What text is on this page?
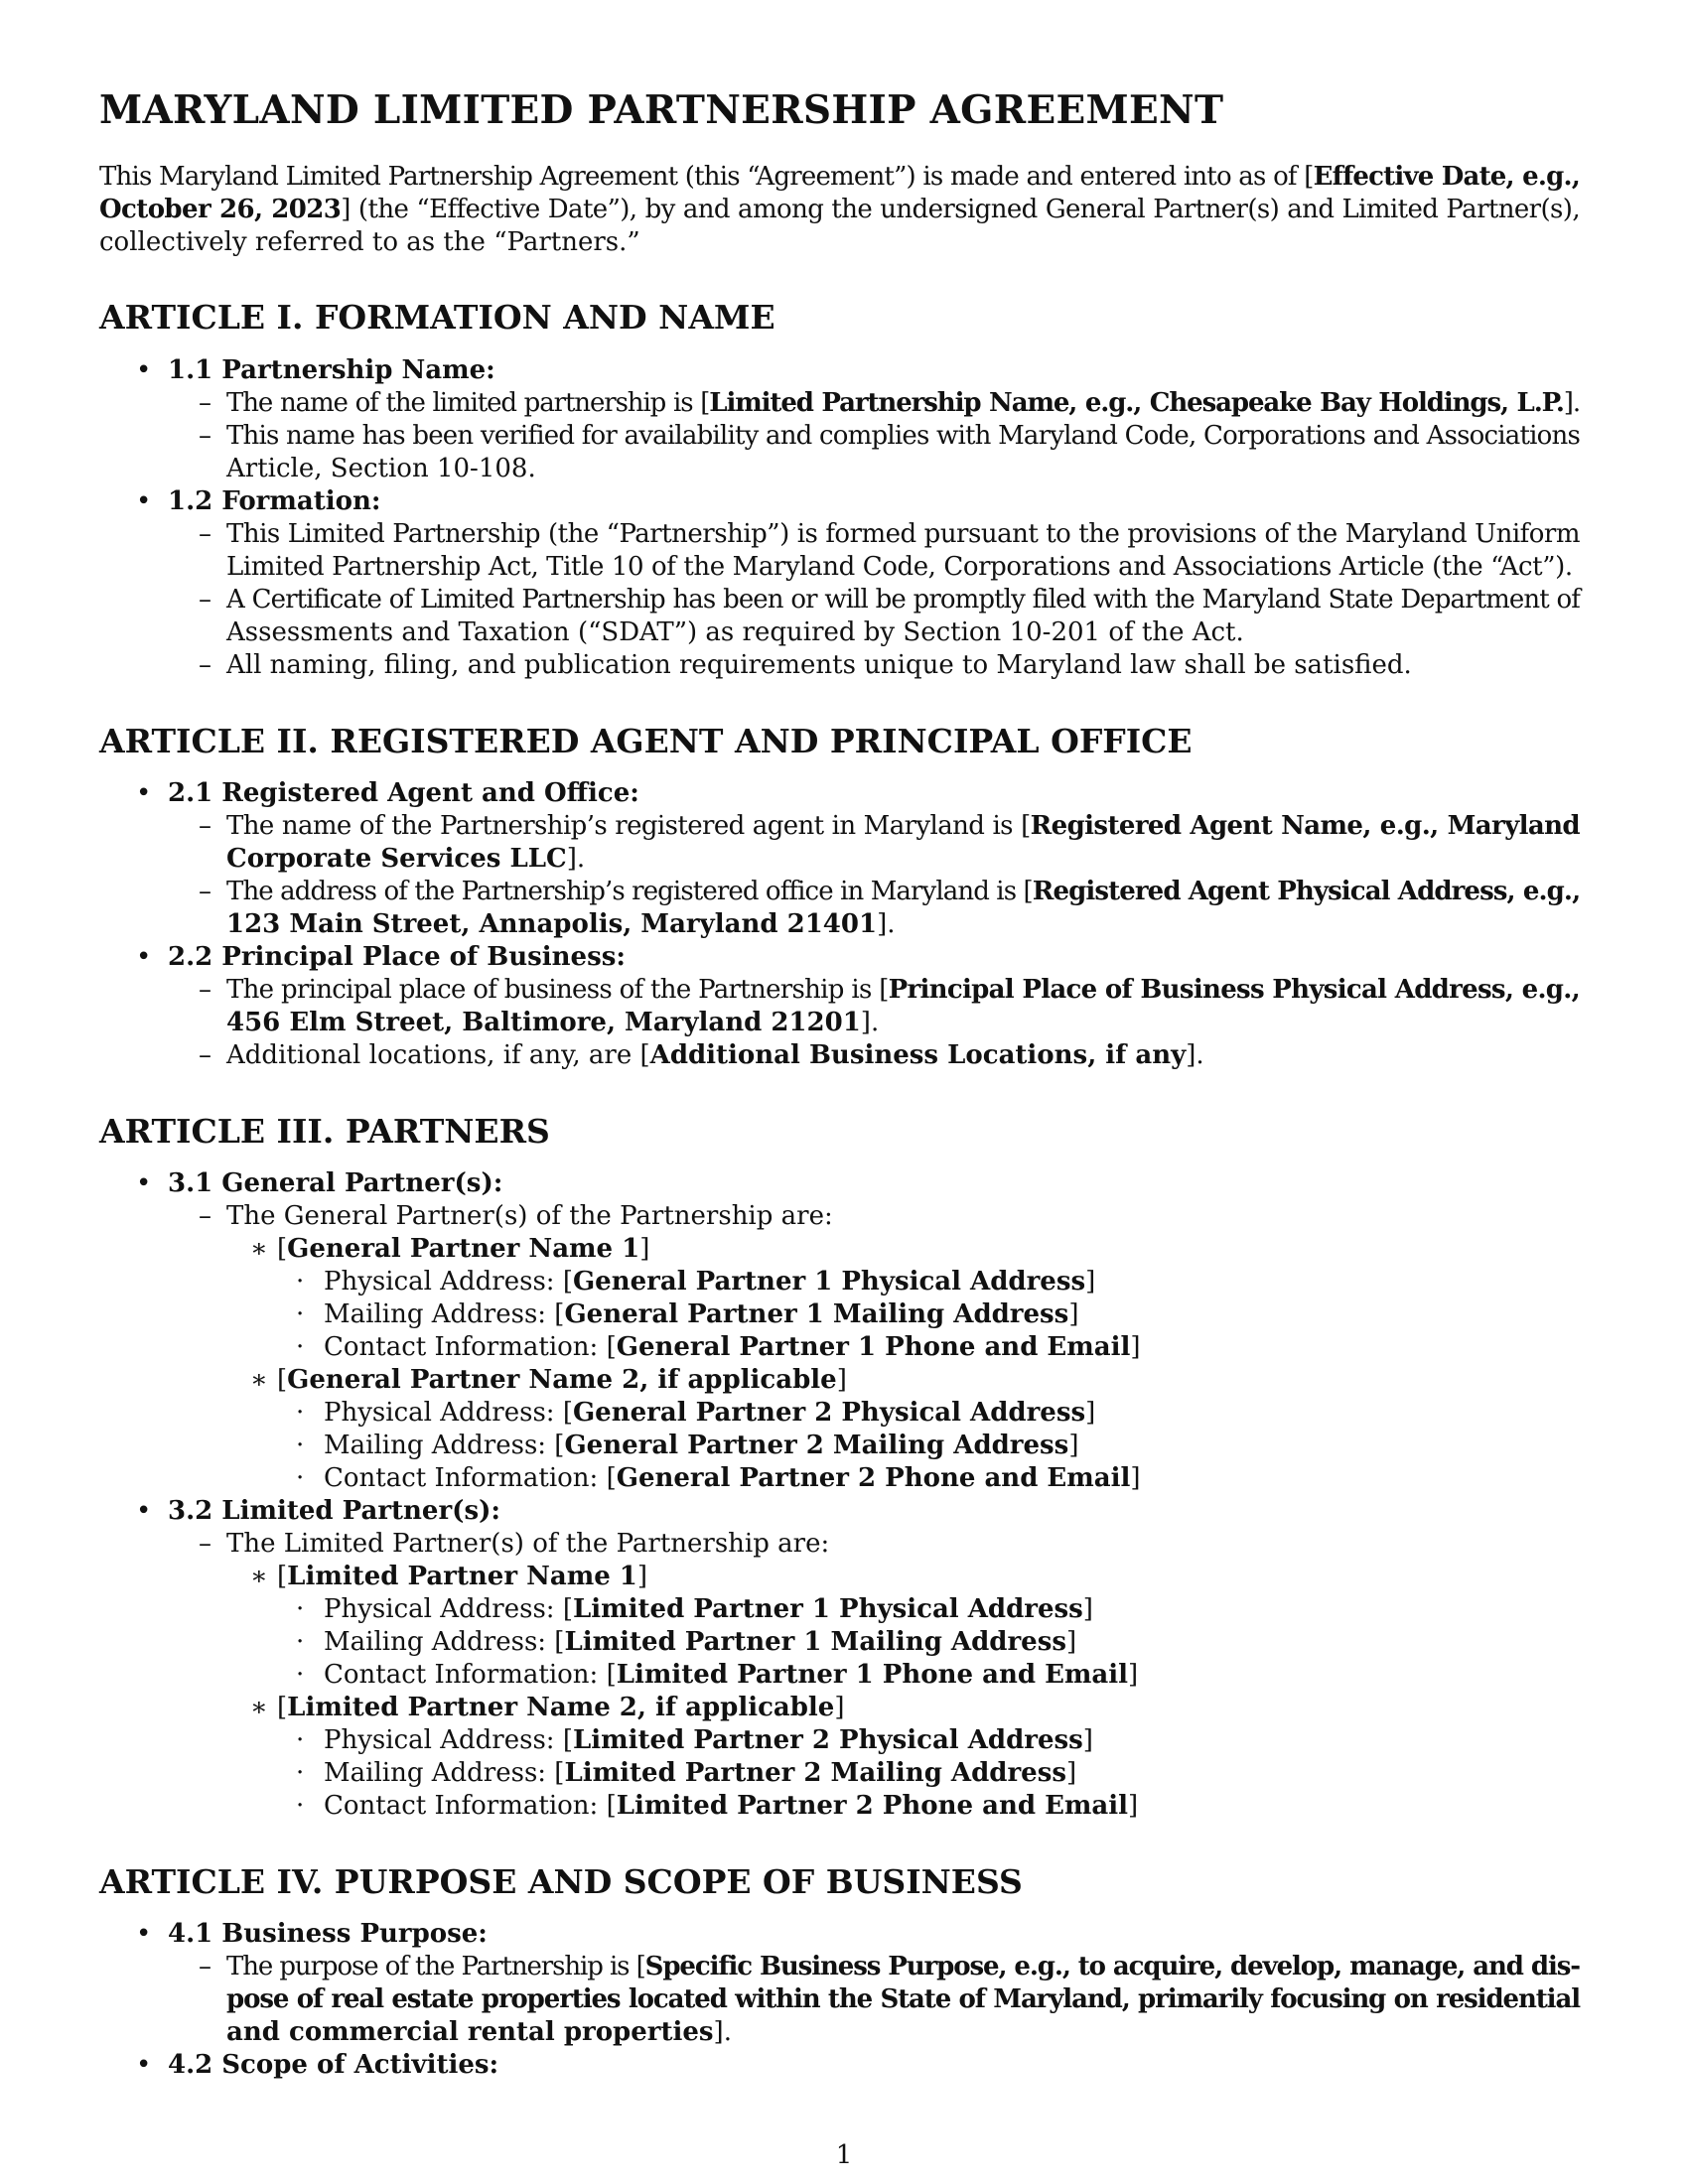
MARYLAND LIMITED PARTNERSHIP AGREEMENT
This Maryland Limited Partnership Agreement (this “Agreement”) is made and entered into as of [Effective Date, e.g.,
October 26, 2023] (the “Effective Date”), by and among the undersigned General Partner(s) and Limited Partner(s),
collectively referred to as the “Partners.”
ARTICLE I. FORMATION AND NAME
• 1.1 Partnership Name:
– The name of the limited partnership is [Limited Partnership Name, e.g., Chesapeake Bay Holdings, L.P.].
– This name has been verified for availability and complies with Maryland Code, Corporations and Associations
Article, Section 10-108.
• 1.2 Formation:
– This Limited Partnership (the “Partnership”) is formed pursuant to the provisions of the Maryland Uniform
Limited Partnership Act, Title 10 of the Maryland Code, Corporations and Associations Article (the “Act”).
– A Certificate of Limited Partnership has been or will be promptly filed with the Maryland State Department of
Assessments and Taxation (“SDAT”) as required by Section 10-201 of the Act.
– All naming, filing, and publication requirements unique to Maryland law shall be satisfied.
ARTICLE II. REGISTERED AGENT AND PRINCIPAL OFFICE
• 2.1 Registered Agent and Office:
– The name of the Partnership’s registered agent in Maryland is [Registered Agent Name, e.g., Maryland
Corporate Services LLC].
– The address of the Partnership’s registered office in Maryland is [Registered Agent Physical Address, e.g.,
123 Main Street, Annapolis, Maryland 21401].
• 2.2 Principal Place of Business:
– The principal place of business of the Partnership is [Principal Place of Business Physical Address, e.g.,
456 Elm Street, Baltimore, Maryland 21201].
– Additional locations, if any, are [Additional Business Locations, if any].
ARTICLE III. PARTNERS
• 3.1 General Partner(s):
– The General Partner(s) of the Partnership are:
∗ [General Partner Name 1]
· Physical Address: [General Partner 1 Physical Address]
· Mailing Address: [General Partner 1 Mailing Address]
· Contact Information: [General Partner 1 Phone and Email]
∗ [General Partner Name 2, if applicable]
· Physical Address: [General Partner 2 Physical Address]
· Mailing Address: [General Partner 2 Mailing Address]
· Contact Information: [General Partner 2 Phone and Email]
• 3.2 Limited Partner(s):
– The Limited Partner(s) of the Partnership are:
∗ [Limited Partner Name 1]
· Physical Address: [Limited Partner 1 Physical Address]
· Mailing Address: [Limited Partner 1 Mailing Address]
· Contact Information: [Limited Partner 1 Phone and Email]
∗ [Limited Partner Name 2, if applicable]
· Physical Address: [Limited Partner 2 Physical Address]
· Mailing Address: [Limited Partner 2 Mailing Address]
· Contact Information: [Limited Partner 2 Phone and Email]
ARTICLE IV. PURPOSE AND SCOPE OF BUSINESS
• 4.1 Business Purpose:
– The purpose of the Partnership is [Specific Business Purpose, e.g., to acquire, develop, manage, and dis-
pose of real estate properties located within the State of Maryland, primarily focusing on residential
and commercial rental properties].
• 4.2 Scope of Activities:
1
